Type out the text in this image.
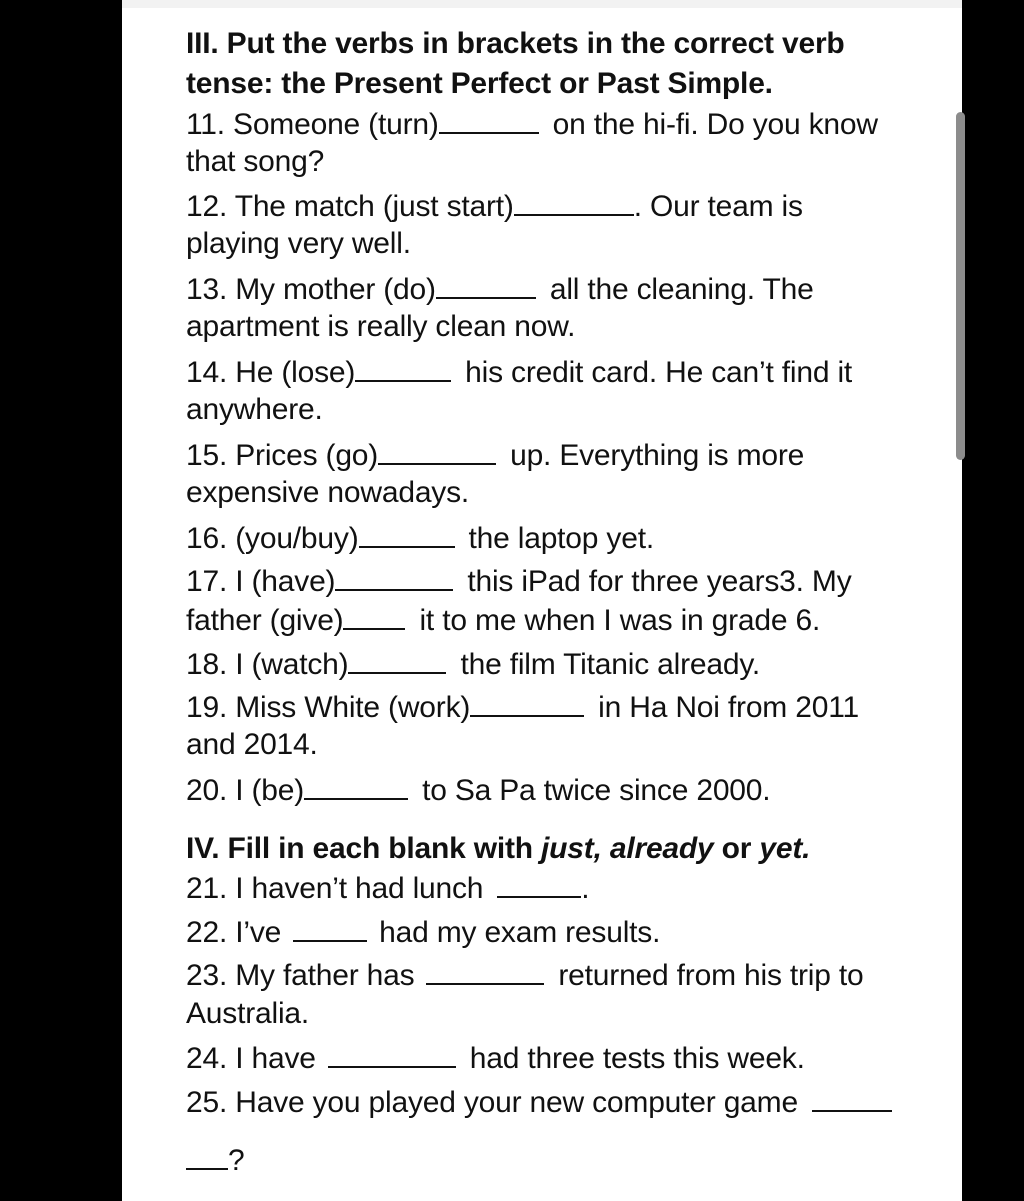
III. Put the verbs in brackets in the correct verb
tense: the Present Perfect or Past Simple.
11. Someone (turn)	on the hi-fi. Do you know
that song?
12. The match (just start)	. Our team is
playing very well.
13. My mother (do)	all the cleaning. The
apartment is really clean now.
14. He (lose)	his credit card. He can’t find it
anywhere.
15. Prices (go)	up. Everything is more
expensive nowadays.
16. (you/buy)	the laptop yet.
17. I (have)	this iPad for three years3. My
father (give)	it to me when I was in grade 6.
18. I (watch)	the film Titanic already.
19. Miss White (work)	in Ha Noi from 2011
and 2014.
20. I (be)	to Sa Pa twice since 2000.
IV. Fill in each blank with just, already or yet.
21. I haven’t had lunch	.
22. I’ve	had my exam results.
23. My father has	returned from his trip to
Australia.
24. I have	had three tests this week.
25. Have you played your new computer game
?
